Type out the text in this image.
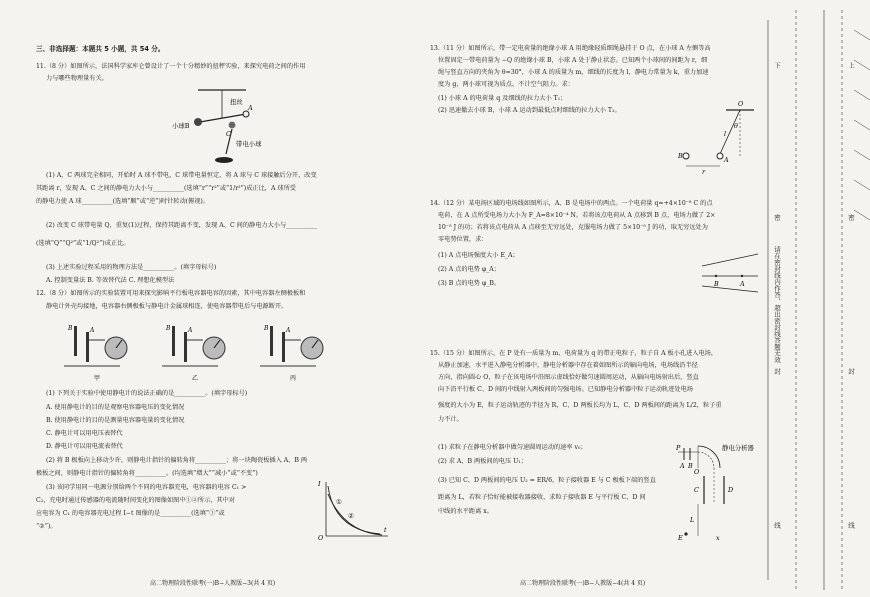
三、非选择题：本题共 5 小题，共 54 分。
11.（8 分）如图所示，法国科学家库仑曾设计了一个十分精妙的扭秤实验，来探究电荷之间的作用
力与哪些物理量有关。
扭丝
小球B
A
C
带电小球
(1) A、C 两球完全相同，开始时 A 球不带电，C 球带电量恒定，将 A 球与 C 球接触后分开，改变
其距离 r，发现 A、C 之间的静电力大小与__________(选填“r”“r²”或“1/r²”)成正比，A 球所受
的静电力使 A 球__________(选填“顺”或“逆”)时针转动(俯视)。
(2) 改变 C 球带电量 Q，重复(1)过程，保持其距离不变，发现 A、C 间的静电力大小与__________
(选填“Q”“Q²”或“1/Q²”)成正比。
(3) 上述实验过程采用的物理方法是__________。(填字母标号)
A. 控制变量法 B. 等效替代法 C. 理想化模型法
12.（8 分）如图所示的实验装置可用来探究影响平行板电容器电容的因素，其中电容器左侧极板和
静电计外壳均接地，电容器右侧极板与静电计金属球相连，使电容器带电后与电源断开。
B	A
甲
B	A
乙
B	A
丙
(1) 下列关于实验中使用静电计的说法正确的是__________。(填字母标号)
A. 使用静电计的目的是观察电容器电压的变化情况
B. 使用静电计的目的是测量电容器电量的变化情况
C. 静电计可以用电压表替代
D. 静电计可以用电流表替代
(2) 将 B 极板向上移动少许，则静电计指针的偏转角将__________；将一块陶瓷板插入 A、B 两
极板之间，则静电计指针的偏转角将__________。(均选填“增大”“减小”或“不变”)
(3) 该同学用同一电源分别给两个不同的电容器充电，电容器的电容 C₁ >
C₂，充电时通过传感器的电流随时间变化的图像如图中①②所示，其中对
应电容为 C₁ 的电容器充电过程 I−t 图像的是__________(选填“①”或
“②”)。
I
t
O
①
②
高二物理阶段性联考(一)B−人教版−3(共 4 页)
13.（11 分）如图所示，带一定电荷量的绝缘小球 A 用绝缘轻质细绳悬挂于 O 点，在小球 A 左侧等高
位置固定一带电荷量为 −Q 的绝缘小球 B，小球 A 处于静止状态。已知两个小球间的间距为 r，细
绳与竖直方向的夹角为 θ=30°，小球 A 的质量为 m，细线的长度为 l，静电力常量为 k，重力加速
度为 g，两小球可视为质点，不计空气阻力。求：
(1) 小球 A 的电荷量 q 及细线的拉力大小 T₁；
(2) 迅速撤去小球 B，小球 A 运动到最低点时细线的拉力大小 T₂。
O
θ
l
B	A
r
14.（12 分）某电场区域的电场线如图所示，A、B 是电场中的两点。一个电荷量 q=+4×10⁻⁸ C 的点
电荷，在 A 点所受电场力大小为 F_A=8×10⁻⁴ N。若将该点电荷从 A 点移到 B 点，电场力做了 2×
10⁻⁵ J 的功；若将该点电荷从 A 点移至无穷远处，克服电场力做了 5×10⁻⁵ J 的功，取无穷远处为
零电势位置，求：
(1) A 点电场强度大小 E_A；
(2) A 点的电势 φ_A；
(3) B 点的电势 φ_B。	A
B
15.（15 分）如图所示，在 P 处有一质量为 m、电荷量为 q 的带正电粒子，粒子自 A 板小孔进入电场，
从静止加速，水平进入静电分析器中，静电分析器中存在着如图所示的辐向电场，电场线沿半径
方向，指向圆心 O，粒子在该电场中沿图示虚线恰好做匀速圆周运动，从辐向电场射出后，竖直
向下沿平行板 C、D 间的中线射入两板间的匀强电场。已知静电分析器中粒子运动轨迹处电场
强度的大小为 E，粒子运动轨迹的半径为 R，C、D 两板长均为 L，C、D 两板间的距离为 L/2，粒子重
力不计。
(1) 求粒子在静电分析器中做匀速圆周运动的速率 v₀；
(2) 求 A、B 两板间的电压 U₁；
(3) 已知 C、D 两板间的电压 U₂ = ER/6，粒子接收器 E 与 C 极板下端的竖直
距离为 L，若粒子恰好能被接收器接收，求粒子接收器 E 与平行板 C、D 间
中线的水平距离 x。
静电分析器
P
A B
O
C	D
L
E	x
高二物理阶段性联考(一)B−人教版−4(共 4 页)
下	上
密	密
请在密封线内作答，超出密封线答题无效
封	封
线	线
